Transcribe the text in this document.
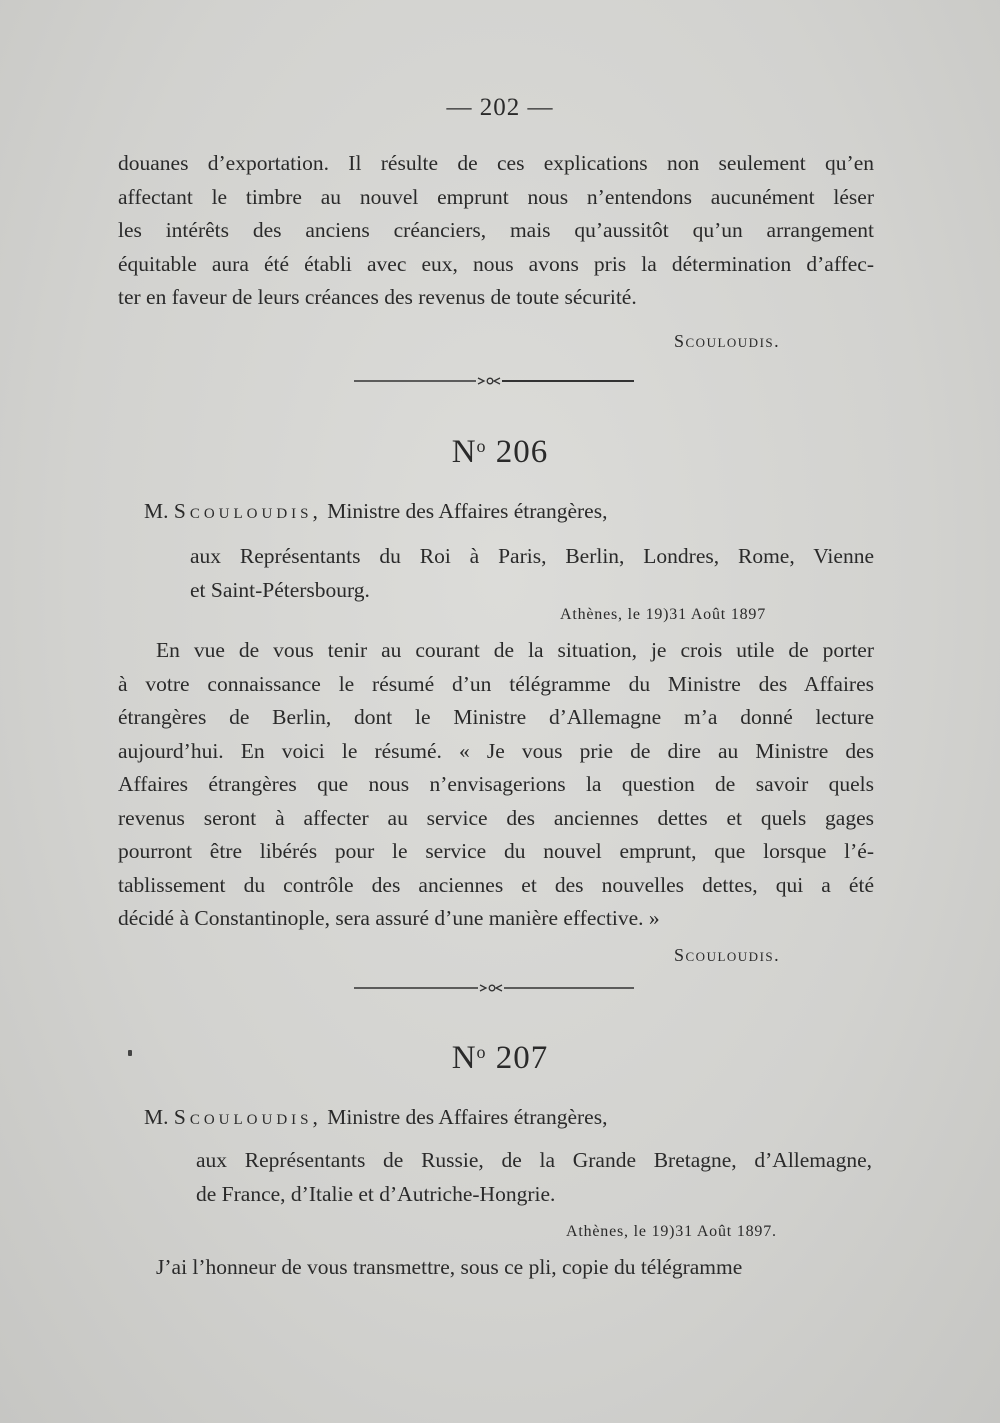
— 202 —
douanes d’exportation. Il résulte de ces explications non seulement qu’en
affectant le timbre au nouvel emprunt nous n’entendons aucunément léser
les intérêts des anciens créanciers, mais qu’aussitôt qu’un arrangement
équitable aura été établi avec eux, nous avons pris la détermination d’affec-
ter en faveur de leurs créances des revenus de toute sécurité.
Scouloudis.
$N^o$ 206
M. Scouloudis, Ministre des Affaires étrangères,
aux Représentants du Roi à Paris, Berlin, Londres, Rome, Vienne
et Saint-Pétersbourg.
Athènes, le 19)31 Août 1897
En vue de vous tenir au courant de la situation, je crois utile de porter
à votre connaissance le résumé d’un télégramme du Ministre des Affaires
étrangères de Berlin, dont le Ministre d’Allemagne m’a donné lecture
aujourd’hui. En voici le résumé. « Je vous prie de dire au Ministre des
Affaires étrangères que nous n’envisagerions la question de savoir quels
revenus seront à affecter au service des anciennes dettes et quels gages
pourront être libérés pour le service du nouvel emprunt, que lorsque l’é-
tablissement du contrôle des anciennes et des nouvelles dettes, qui a été
décidé à Constantinople, sera assuré d’une manière effective. »
Scouloudis.
$N^o$ 207
M. Scouloudis, Ministre des Affaires étrangères,
aux Représentants de Russie, de la Grande Bretagne, d’Allemagne,
de France, d’Italie et d’Autriche-Hongrie.
Athènes, le 19)31 Août 1897.
J’ai l’honneur de vous transmettre, sous ce pli, copie du télégramme
